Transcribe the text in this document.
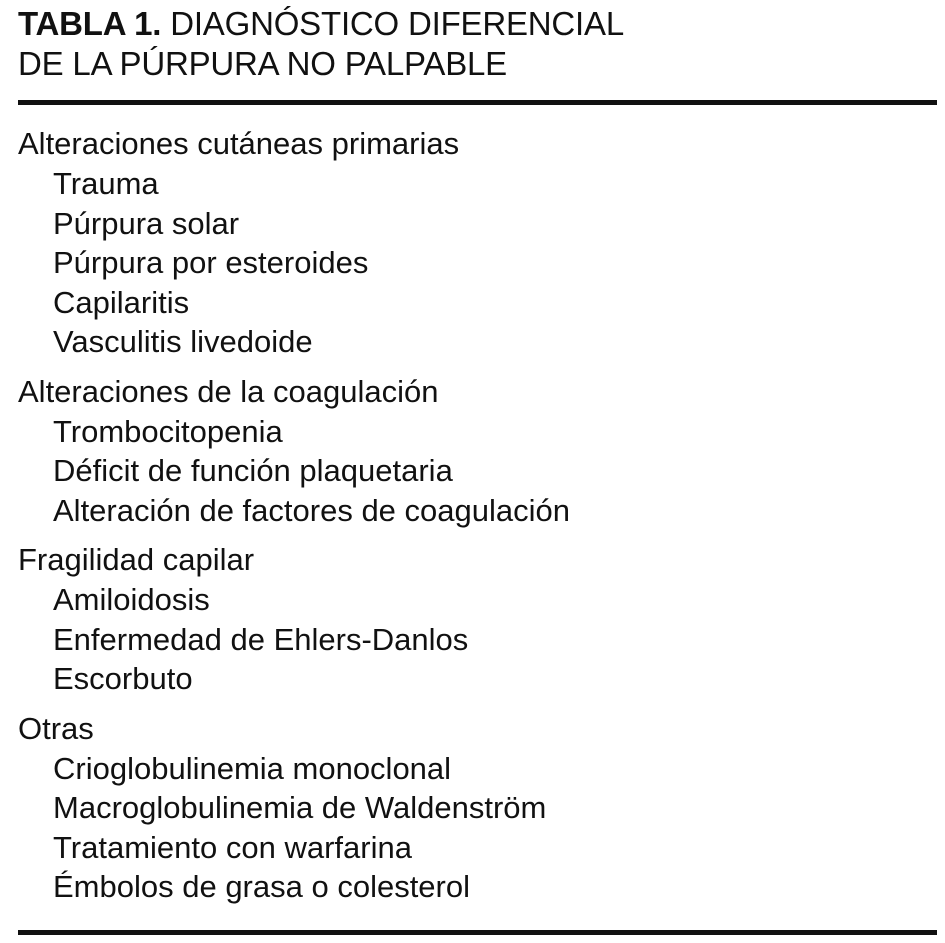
TABLA 1. DIAGNÓSTICO DIFERENCIAL
DE LA PÚRPURA NO PALPABLE
Alteraciones cutáneas primarias
Trauma
Púrpura solar
Púrpura por esteroides
Capilaritis
Vasculitis livedoide
Alteraciones de la coagulación
Trombocitopenia
Déficit de función plaquetaria
Alteración de factores de coagulación
Fragilidad capilar
Amiloidosis
Enfermedad de Ehlers-Danlos
Escorbuto
Otras
Crioglobulinemia monoclonal
Macroglobulinemia de Waldenström
Tratamiento con warfarina
Émbolos de grasa o colesterol
